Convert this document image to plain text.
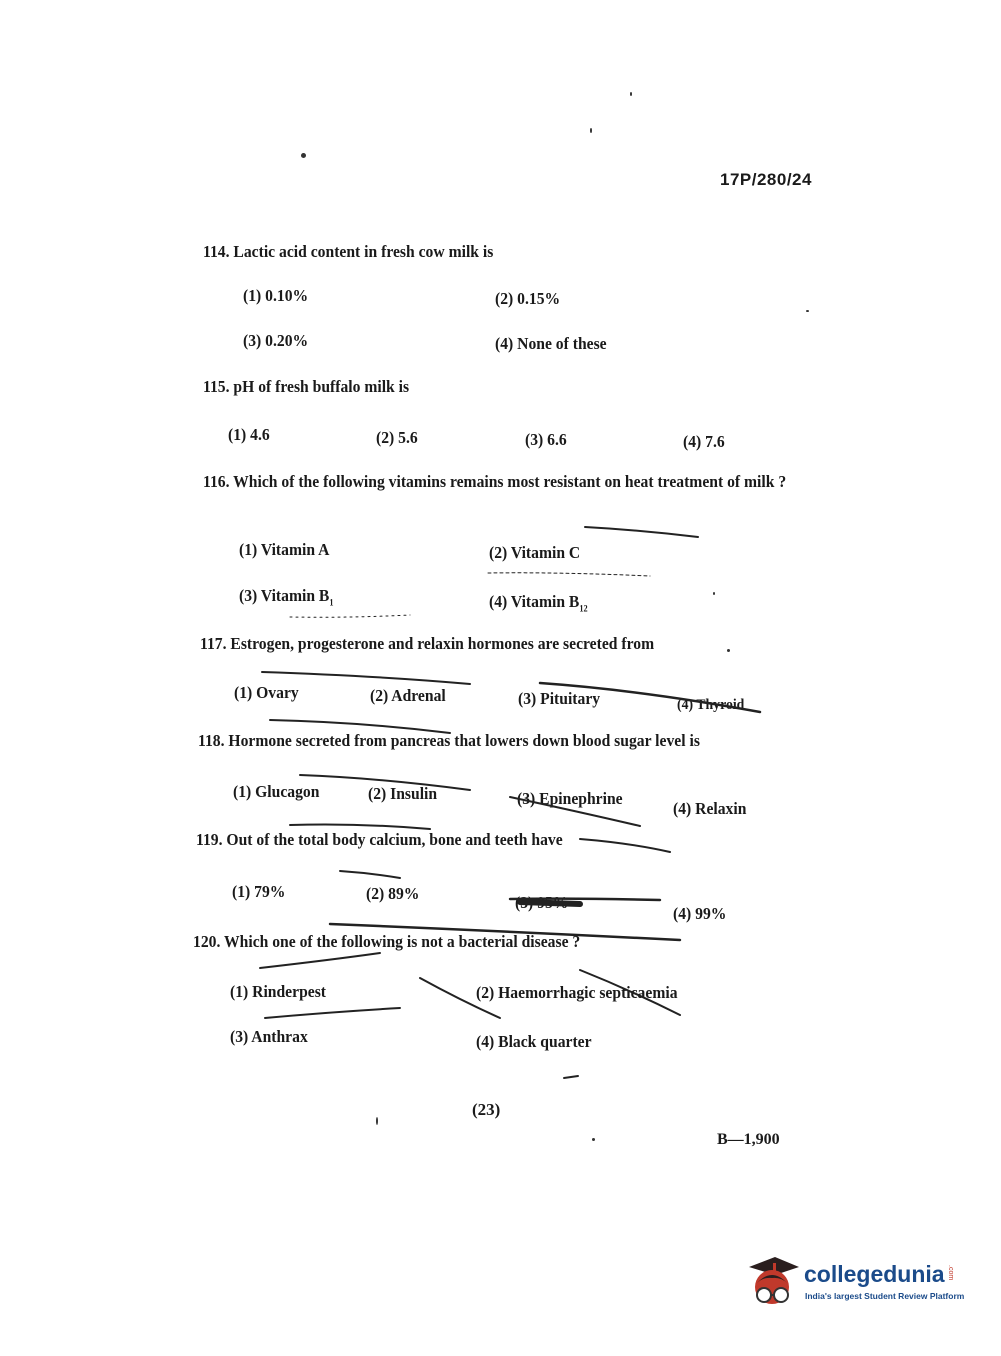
17P/280/24
114. Lactic acid content in fresh cow milk is
(1) 0.10%	(2) 0.15%
(3) 0.20%	(4) None of these
115. pH of fresh buffalo milk is
(1) 4.6	(2) 5.6	(3) 6.6	(4) 7.6
116. Which of the following vitamins remains most resistant on heat treatment of milk ?
(1) Vitamin A	(2) Vitamin C
(3) Vitamin $B_1$	(4) Vitamin $B_{12}$
117. Estrogen, progesterone and relaxin hormones are secreted from
(1) Ovary	(2) Adrenal	(3) Pituitary	(4) Thyroid
118. Hormone secreted from pancreas that lowers down blood sugar level is
(1) Glucagon	(2) Insulin	(3) Epinephrine
(4) Relaxin
119. Out of the total body calcium, bone and teeth have
(1) 79%	(2) 89%	(3) 95%
(4) 99%
120. Which one of the following is not a bacterial disease ?
(1) Rinderpest	(2) Haemorrhagic septicaemia
(3) Anthrax	(4) Black quarter
(23)
B—1,900
collegedunia .com
India's largest Student Review Platform
